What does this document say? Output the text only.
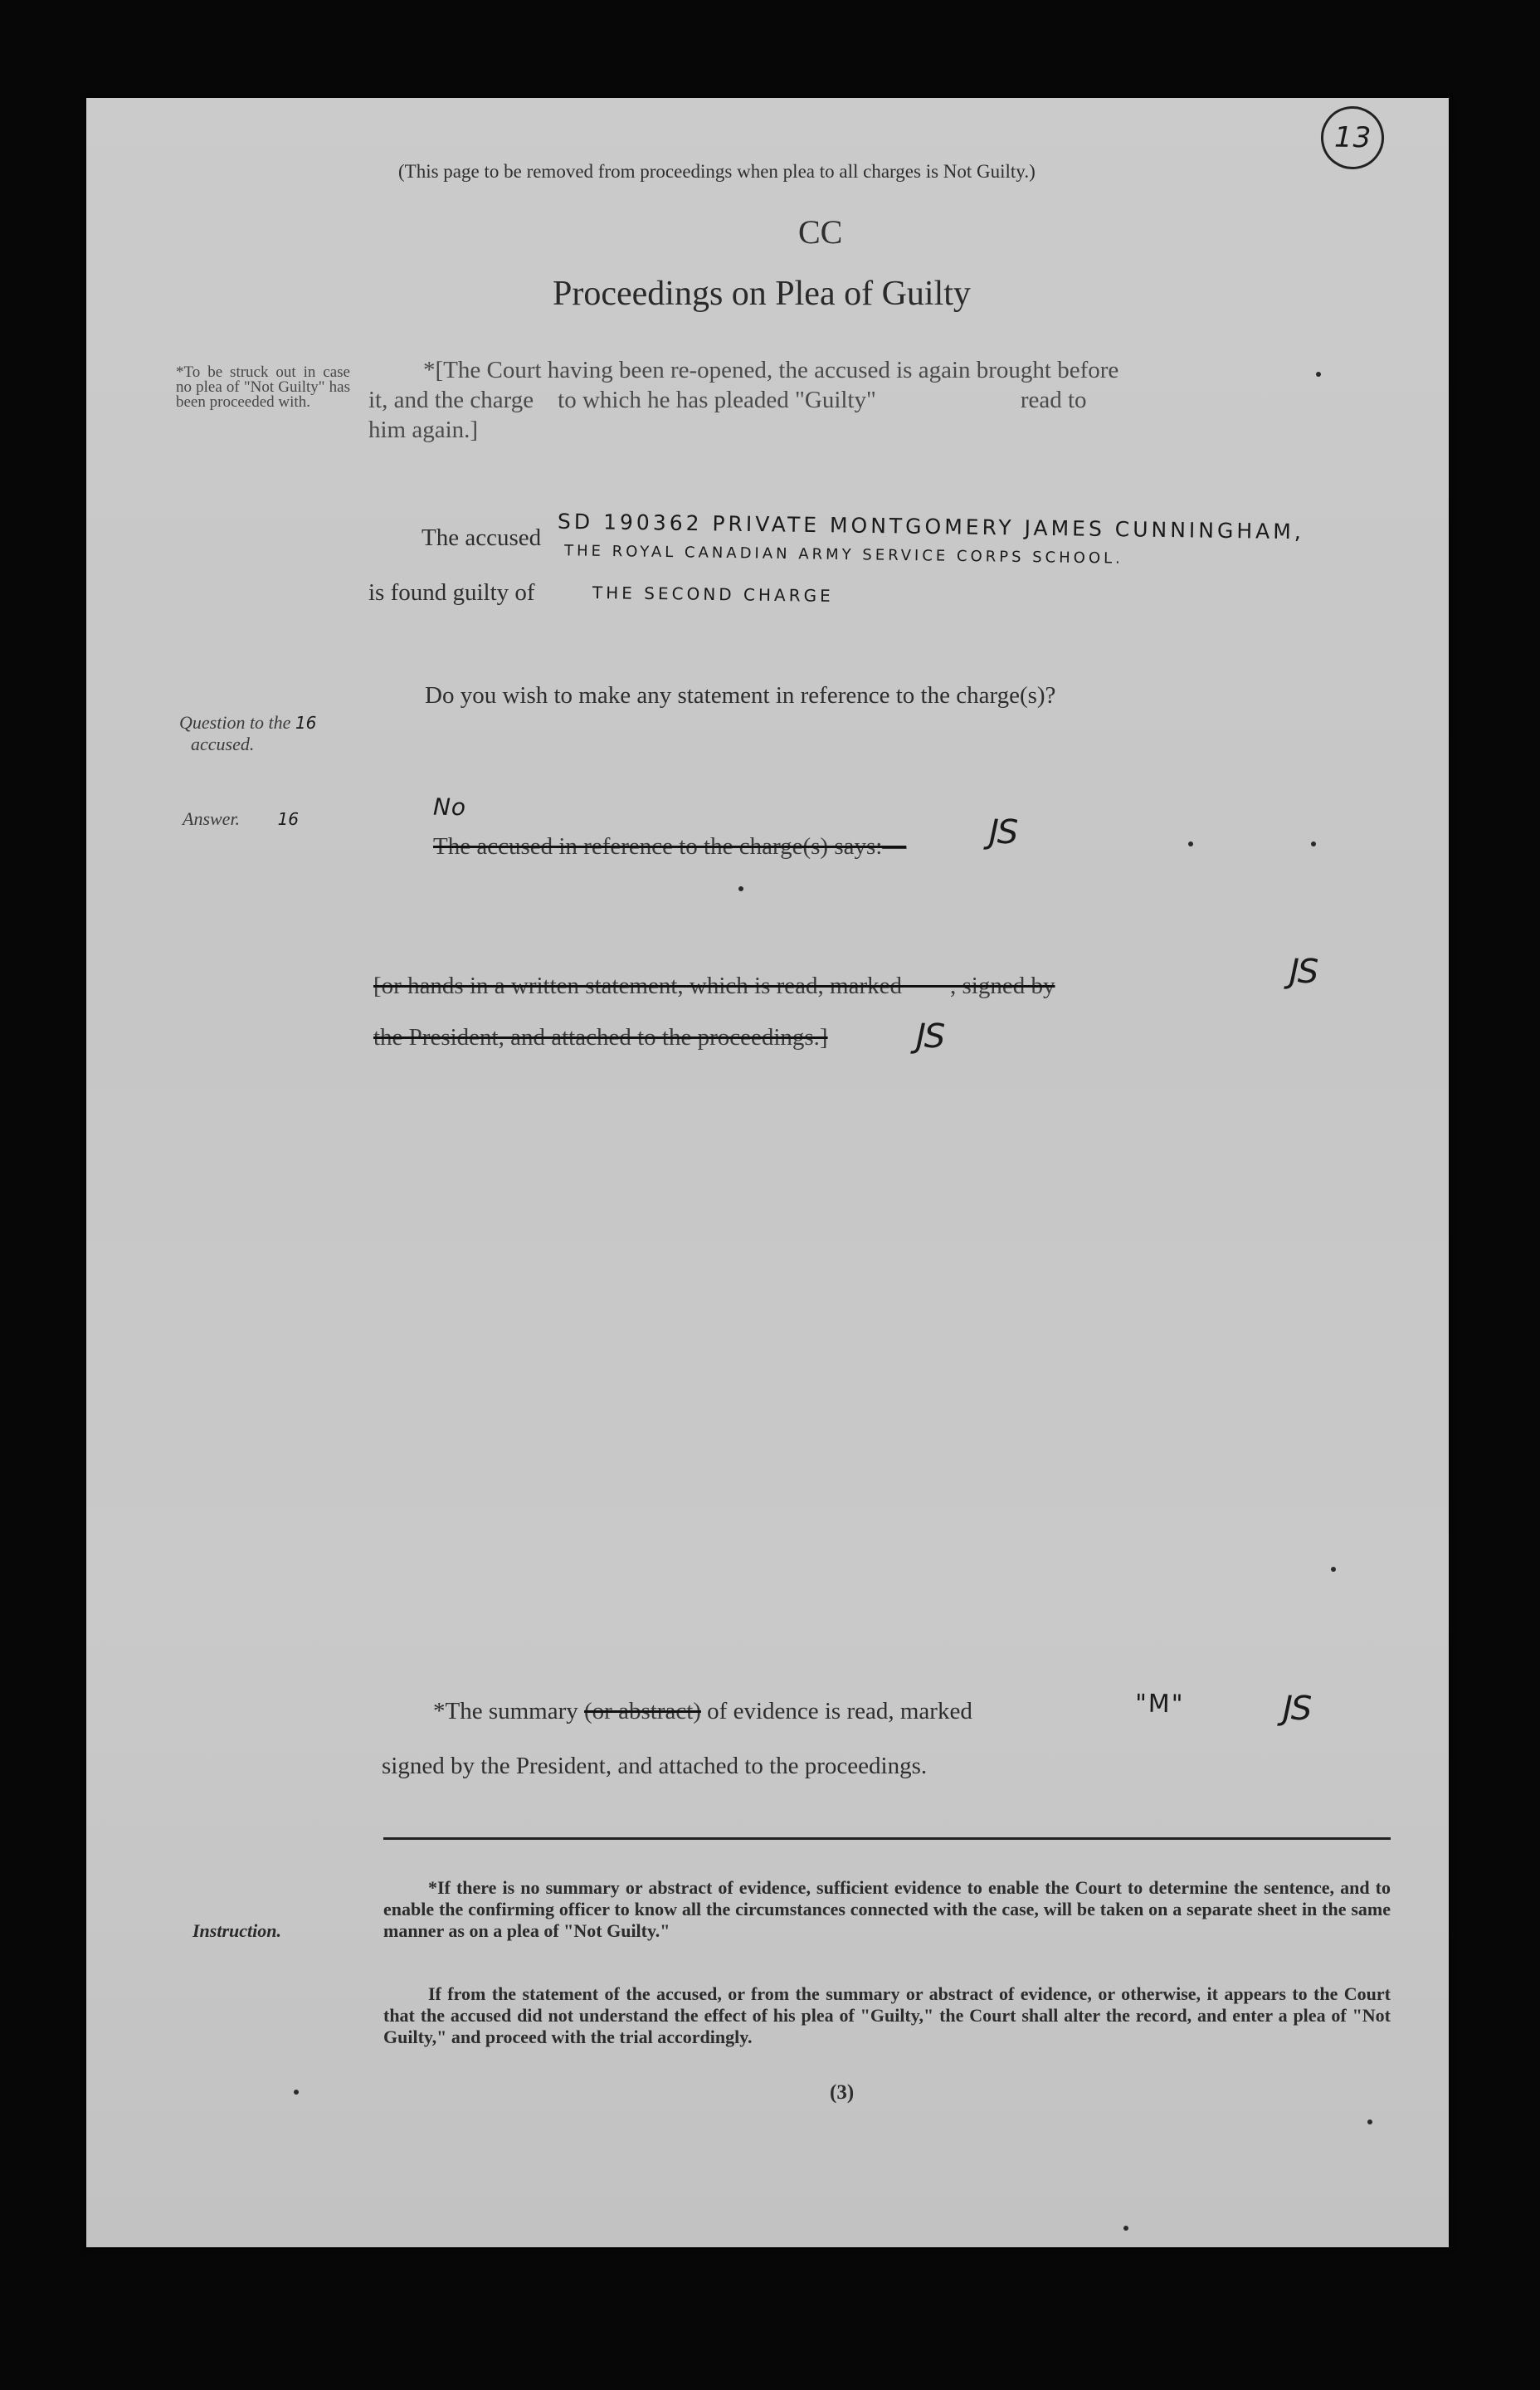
13
(This page to be removed from proceedings when plea to all charges is Not Guilty.)
CC
Proceedings on Plea of Guilty
*To be struck out in case no plea of "Not Guilty" has been proceeded with.
*[The Court having been re-opened, the accused is again brought before
it, and the charge    to which he has pleaded "Guilty"                        read to
him again.]
The accused SD 190362 PRIVATE MONTGOMERY JAMES CUNNINGHAM,
THE ROYAL CANADIAN ARMY SERVICE CORPS SCHOOL.
is found guilty of	THE SECOND CHARGE
Question to the 16
accused.
Do you wish to make any statement in reference to the charge(s)?
Answer. 16	No
The accused in reference to the charge(s) says:— JS
[or hands in a written statement, which is read, marked        , signed by	JS
the President, and attached to the proceedings.]	JS
*The summary (or abstract) of evidence is read, marked	"M"	JS
signed by the President, and attached to the proceedings.
Instruction.
*If there is no summary or abstract of evidence, sufficient evidence to enable the Court to determine the sentence, and to enable the confirming officer to know all the circumstances connected with the case, will be taken on a separate sheet in the same manner as on a plea of "Not Guilty."
If from the statement of the accused, or from the summary or abstract of evidence, or otherwise, it appears to the Court that the accused did not understand the effect of his plea of "Guilty," the Court shall alter the record, and enter a plea of "Not Guilty," and proceed with the trial accordingly.
(3)
